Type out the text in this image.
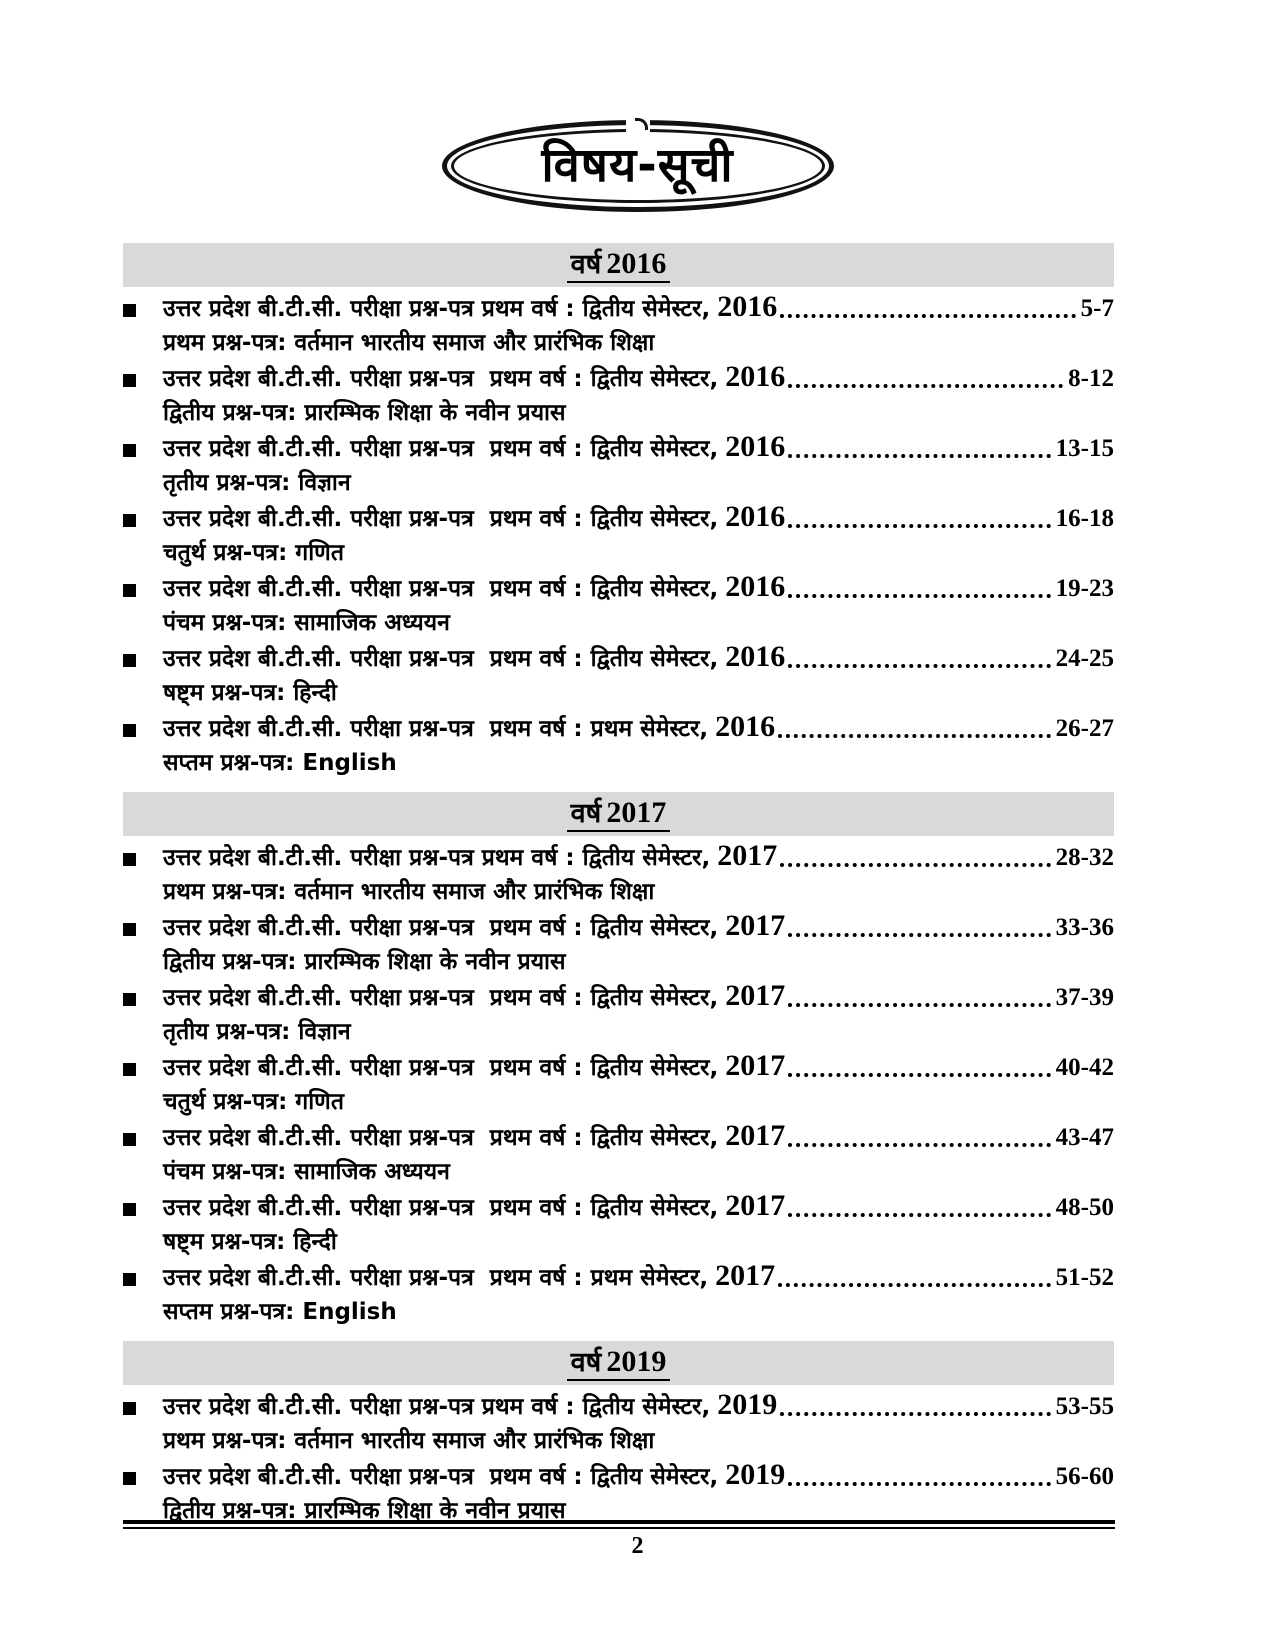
विषय-सूची
वर्ष 2016
उत्तर प्रदेश बी.टी.सी. परीक्षा प्रश्न-पत्र प्रथम वर्ष : द्वितीय सेमेस्टर, 2016	5-7
प्रथम प्रश्न-पत्र: वर्तमान भारतीय समाज और प्रारंभिक शिक्षा
उत्तर प्रदेश बी.टी.सी. परीक्षा प्रश्न-पत्र  प्रथम वर्ष : द्वितीय सेमेस्टर, 2016	8-12
द्वितीय प्रश्न-पत्र: प्रारम्भिक शिक्षा के नवीन प्रयास
उत्तर प्रदेश बी.टी.सी. परीक्षा प्रश्न-पत्र  प्रथम वर्ष : द्वितीय सेमेस्टर, 2016	13-15
तृतीय प्रश्न-पत्र: विज्ञान
उत्तर प्रदेश बी.टी.सी. परीक्षा प्रश्न-पत्र  प्रथम वर्ष : द्वितीय सेमेस्टर, 2016	16-18
चतुर्थ प्रश्न-पत्र: गणित
उत्तर प्रदेश बी.टी.सी. परीक्षा प्रश्न-पत्र  प्रथम वर्ष : द्वितीय सेमेस्टर, 2016	19-23
पंचम प्रश्न-पत्र: सामाजिक अध्ययन
उत्तर प्रदेश बी.टी.सी. परीक्षा प्रश्न-पत्र  प्रथम वर्ष : द्वितीय सेमेस्टर, 2016	24-25
षष्ट्म प्रश्न-पत्र: हिन्दी
उत्तर प्रदेश बी.टी.सी. परीक्षा प्रश्न-पत्र  प्रथम वर्ष : प्रथम सेमेस्टर, 2016	26-27
सप्तम प्रश्न-पत्र: English
वर्ष 2017
उत्तर प्रदेश बी.टी.सी. परीक्षा प्रश्न-पत्र प्रथम वर्ष : द्वितीय सेमेस्टर, 2017	28-32
प्रथम प्रश्न-पत्र: वर्तमान भारतीय समाज और प्रारंभिक शिक्षा
उत्तर प्रदेश बी.टी.सी. परीक्षा प्रश्न-पत्र  प्रथम वर्ष : द्वितीय सेमेस्टर, 2017	33-36
द्वितीय प्रश्न-पत्र: प्रारम्भिक शिक्षा के नवीन प्रयास
उत्तर प्रदेश बी.टी.सी. परीक्षा प्रश्न-पत्र  प्रथम वर्ष : द्वितीय सेमेस्टर, 2017	37-39
तृतीय प्रश्न-पत्र: विज्ञान
उत्तर प्रदेश बी.टी.सी. परीक्षा प्रश्न-पत्र  प्रथम वर्ष : द्वितीय सेमेस्टर, 2017	40-42
चतुर्थ प्रश्न-पत्र: गणित
उत्तर प्रदेश बी.टी.सी. परीक्षा प्रश्न-पत्र  प्रथम वर्ष : द्वितीय सेमेस्टर, 2017	43-47
पंचम प्रश्न-पत्र: सामाजिक अध्ययन
उत्तर प्रदेश बी.टी.सी. परीक्षा प्रश्न-पत्र  प्रथम वर्ष : द्वितीय सेमेस्टर, 2017	48-50
षष्ट्म प्रश्न-पत्र: हिन्दी
उत्तर प्रदेश बी.टी.सी. परीक्षा प्रश्न-पत्र  प्रथम वर्ष : प्रथम सेमेस्टर, 2017	51-52
सप्तम प्रश्न-पत्र: English
वर्ष 2019
उत्तर प्रदेश बी.टी.सी. परीक्षा प्रश्न-पत्र प्रथम वर्ष : द्वितीय सेमेस्टर, 2019	53-55
प्रथम प्रश्न-पत्र: वर्तमान भारतीय समाज और प्रारंभिक शिक्षा
उत्तर प्रदेश बी.टी.सी. परीक्षा प्रश्न-पत्र  प्रथम वर्ष : द्वितीय सेमेस्टर, 2019	56-60
द्वितीय प्रश्न-पत्र: प्रारम्भिक शिक्षा के नवीन प्रयास
2
